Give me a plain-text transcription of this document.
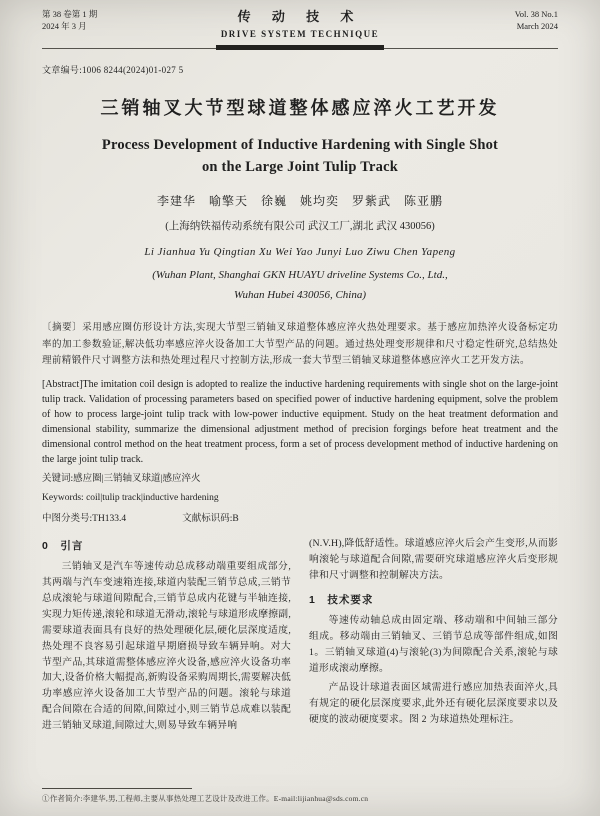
第 38 卷第 1 期
2024 年 3 月
传 动 技 术
DRIVE SYSTEM TECHNIQUE
Vol. 38 No.1
March 2024
文章编号:1006 8244(2024)01-027 5
三销轴叉大节型球道整体感应淬火工艺开发
Process Development of Inductive Hardening with Single Shot
on the Large Joint Tulip Track
李建华　喻擎天　徐巍　姚均奕　罗紫武　陈亚鹏
(上海纳铁福传动系统有限公司 武汉工厂,湖北 武汉 430056)
Li Jianhua Yu Qingtian Xu Wei Yao Junyi Luo Ziwu Chen Yapeng
(Wuhan Plant, Shanghai GKN HUAYU driveline Systems Co., Ltd.,
Wuhan Hubei 430056, China)

〔摘要〕采用感应圈仿形设计方法,实现大节型三销轴叉球道整体感应淬火热处理要求。基于感应加热淬火设备标定功率的加工参数验证,解决低功率感应淬火设备加工大节型产品的问题。通过热处理变形规律和尺寸稳定性研究,总结热处理前精锻件尺寸调整方法和热处理过程尺寸控制方法,形成一套大节型三销轴叉球道整体感应淬火工艺开发方法。

[Abstract]The imitation coil design is adopted to realize the inductive hardening requirements with single shot on the large-joint tulip track. Validation of processing parameters based on specified power of inductive hardening equipment, solve the problem of how to process large-joint tulip track with low-power inductive equipment. Study on the heat treatment deformation and dimensional stability, summarize the dimensional adjustment method of precision forgings before heat treatment and the dimensional control method on the heat treatment process, form a set of process development method of inductive hardening on the large joint tulip track.

关键词:感应圈|三销轴叉球道|感应淬火
Keywords: coil|tulip track|inductive hardening
中图分类号:TH133.4	文献标识码:B
0　引言

三销轴叉是汽车等速传动总成移动端重要组成部分,其两端与汽车变速箱连接,球道内装配三销节总成,三销节总成滚轮与球道间隙配合,三销节总成内花键与半轴连接,实现力矩传递,滚轮和球道无滑动,滚轮与球道形成摩擦副,需要球道表面具有良好的热处理硬化层,硬化层深度适度,热处理不良容易引起球道早期磨损导致车辆异响。对大节型产品,其球道需整体感应淬火设备,感应淬火设备功率加大,设备价格大幅提高,新购设备采购周期长,需要解决低功率感应淬火设备加工大节型产品的问题。滚轮与球道配合间隙在合适的间隙,间隙过小,则三销节总成难以装配进三销轴叉球道,间隙过大,则易导致车辆异响

(N.V.H),降低舒适性。球道感应淬火后会产生变形,从而影响滚轮与球道配合间隙,需要研究球道感应淬火后变形规律和尺寸调整和控制解决方法。

1　技术要求

等速传动轴总成由固定端、移动端和中间轴三部分组成。移动端由三销轴叉、三销节总成等部件组成,如图 1。三销轴叉球道(4)与滚轮(3)为间隙配合关系,滚轮与球道形成滚动摩擦。

产品设计球道表面区域需进行感应加热表面淬火,具有规定的硬化层深度要求,此外还有硬化层深度要求以及硬度的波动硬度要求。图 2 为球道热处理标注。

①作者简介:李建华,男,工程师,主要从事热处理工艺设计及改进工作。E-mail:lijianhua@sds.com.cn
